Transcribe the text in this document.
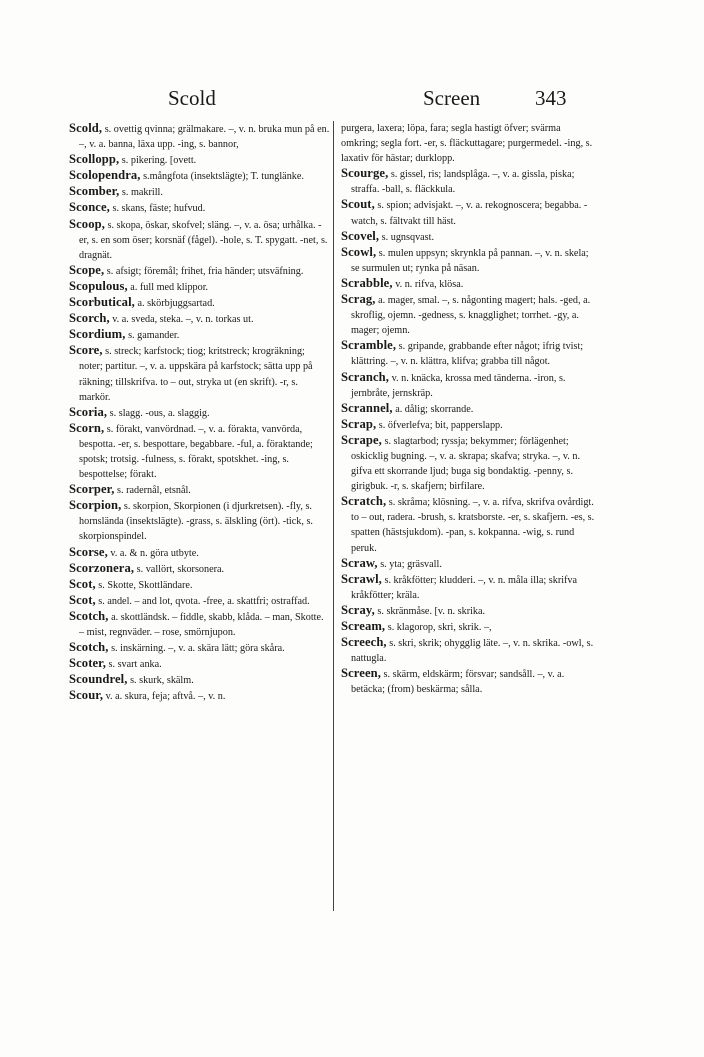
Scold	Screen	343

Scold, s. ovettig qvinna; grälmakare. –, v. n. bruka mun på en. –, v. a. banna, läxa upp. -ing, s. bannor,

Scollopp, s. pikering. [ovett.

Scolopendra, s.mångfota (insektslägte); T. tunglänke.

Scomber, s. makrill.

Sconce, s. skans, fäste; hufvud.

Scoop, s. skopa, öskar, skofvel; släng. –, v. a. ösa; urhålka. -er, s. en som öser; korsnäf (fågel). -hole, s. T. spygatt. -net, s. dragnät.

Scope, s. afsigt; föremål; frihet, fria händer; utsväfning.

Scopulous, a. full med klippor.

Scorbutical, a. skörbjuggsartad.

Scorch, v. a. sveda, steka. –, v. n. torkas ut.

Scordium, s. gamander.

Score, s. streck; karfstock; tiog; kritstreck; krogräkning; noter; partitur. –, v. a. uppskära på karfstock; sätta upp på räkning; tillskrifva. to – out, stryka ut (en skrift). -r, s. markör.

Scoria, s. slagg. -ous, a. slaggig.

Scorn, s. förakt, vanvördnad. –, v. a. förakta, vanvörda, bespotta. -er, s. bespottare, begabbare. -ful, a. föraktande; spotsk; trotsig. -fulness, s. förakt, spotskhet. -ing, s. bespottelse; förakt.

Scorper, s. radernål, etsnål.

Scorpion, s. skorpion, Skorpionen (i djurkretsen). -fly, s. hornslända (insektslägte). -grass, s. älskling (ört). -tick, s. skorpionspindel.

Scorse, v. a. & n. göra utbyte.

Scorzonera, s. vallört, skorsonera.

Scot, s. Skotte, Skottländare.

Scot, s. andel. – and lot, qvota. -free, a. skattfri; ostraffad.

Scotch, a. skottländsk. – fiddle, skabb, klåda. – man, Skotte. – mist, regnväder. – rose, smörnjupon.

Scotch, s. inskärning. –, v. a. skära lätt; göra skåra.

Scoter, s. svart anka.

Scoundrel, s. skurk, skälm.

Scour, v. a. skura, feja; aftvå. –, v. n.

purgera, laxera; löpa, fara; segla hastigt öfver; svärma omkring; segla fort. -er, s. fläckuttagare; purgermedel. -ing, s. laxativ för hästar; durklopp.

Scourge, s. gissel, ris; landsplåga. –, v. a. gissla, piska; straffa. -ball, s. fläckkula.

Scout, s. spion; advisjakt. –, v. a. rekognoscera; begabba. -watch, s. fältvakt till häst.

Scovel, s. ugnsqvast.

Scowl, s. mulen uppsyn; skrynkla på pannan. –, v. n. skela; se surmulen ut; rynka på näsan.

Scrabble, v. n. rifva, klösa.

Scrag, a. mager, smal. –, s. någonting magert; hals. -ged, a. skroflig, ojemn. -gedness, s. knagglighet; torrhet. -gy, a. mager; ojemn.

Scramble, s. gripande, grabbande efter något; ifrig tvist; klättring. –, v. n. klättra, klifva; grabba till något.

Scranch, v. n. knäcka, krossa med tänderna. -iron, s. jernbråte, jernskräp.

Scrannel, a. dålig; skorrande.

Scrap, s. öfverlefva; bit, papperslapp.

Scrape, s. slagtarbod; ryssja; bekymmer; förlägenhet; oskicklig bugning. –, v. a. skrapa; skafva; stryka. –, v. n. gifva ett skorrande ljud; buga sig bondaktig. -penny, s. girigbuk. -r, s. skafjern; birfilare.

Scratch, s. skråma; klösning. –, v. a. rifva, skrifva ovårdigt. to – out, radera. -brush, s. kratsborste. -er, s. skafjern. -es, s. spatten (hästsjukdom). -pan, s. kokpanna. -wig, s. rund peruk.

Scraw, s. yta; gräsvall.

Scrawl, s. kråkfötter; kludderi. –, v. n. måla illa; skrifva kråkfötter; kräla.

Scray, s. skränmåse. [v. n. skrika.

Scream, s. klagorop, skri, skrik. –,

Screech, s. skri, skrik; ohygglig läte. –, v. n. skrika. -owl, s. nattugla.

Screen, s. skärm, eldskärm; försvar; sandsåll. –, v. a. betäcka; (from) beskärma; sålla.
